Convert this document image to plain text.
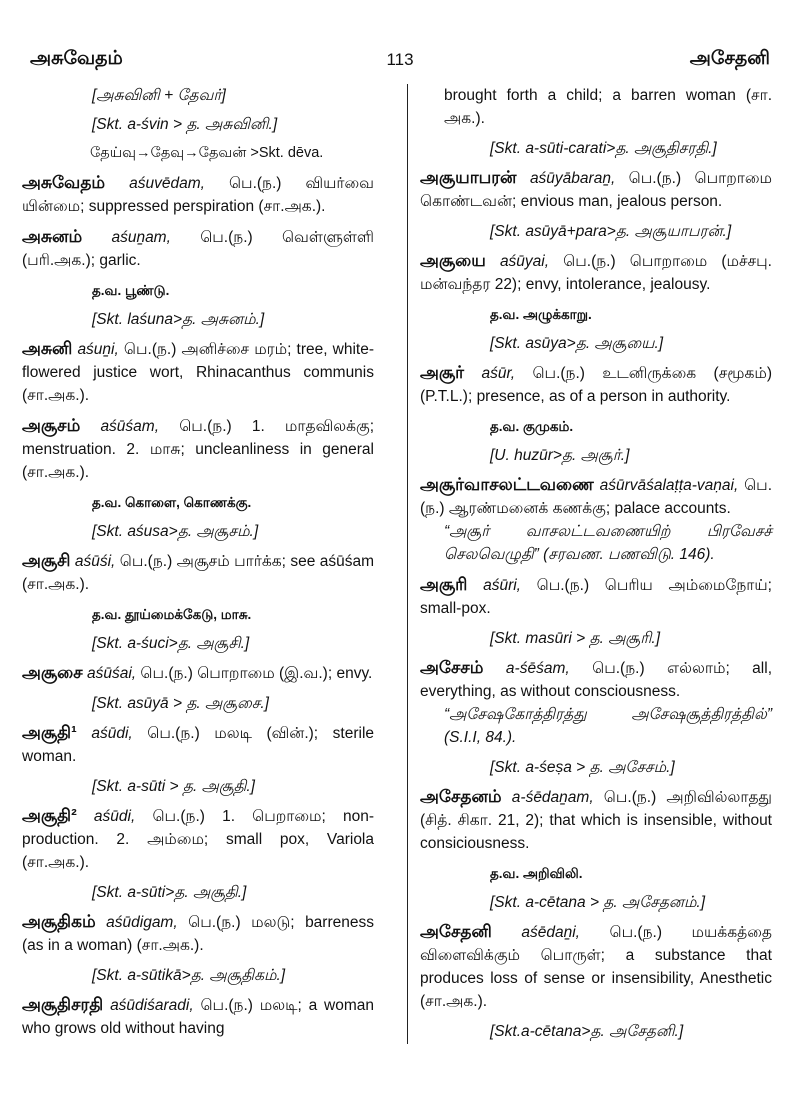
அசுவேதம்	113	அசேதனி
[அசுவினி + தேவர்]
[Skt. a-śvin > த. அசுவினி.]
தேய்வு→தேவு→தேவன் >Skt. dēva.
அசுவேதம் aśuvēdam, பெ.(ந.) வியர்வை யின்மை; suppressed perspiration (சா.அக.).
அசுனம் aśuṉam, பெ.(ந.) வெள்ளுள்ளி (பரி.அக.); garlic.
த.வ. பூண்டு.
[Skt. laśuna>த. அசுனம்.]
அசுனி aśuṉi, பெ.(ந.) அனிச்சை மரம்; tree, white-flowered justice wort, Rhinacanthus communis (சா.அக.).
அசூசம் aśūśam, பெ.(ந.) 1. மாதவிலக்கு; menstruation. 2. மாசு; uncleanliness in general (சா.அக.).
த.வ. கொளை, கொணக்கு.
[Skt. aśusa>த. அசூசம்.]
அசூசி aśūśi, பெ.(ந.) அசூசம் பார்க்க; see aśūśam (சா.அக.).
த.வ. தூய்மைக்கேடு, மாசு.
[Skt. a-śuci>த. அசூசி.]
அசூசை aśūśai, பெ.(ந.) பொறாமை (இ.வ.); envy.
[Skt. asūyā > த. அசூசை.]
அசூதி¹ aśūdi, பெ.(ந.) மலடி (வின்.); sterile woman.
[Skt. a-sūti > த. அசூதி.]
அசூதி² aśūdi, பெ.(ந.) 1. பெறாமை; non-production. 2. அம்மை; small pox, Variola (சா.அக.).
[Skt. a-sūti>த. அசூதி.]
அசூதிகம் aśūdigam, பெ.(ந.) மலடு; barreness (as in a woman) (சா.அக.).
[Skt. a-sūtikā>த. அசூதிகம்.]
அசூதிசரதி aśūdiśaradi, பெ.(ந.) மலடி; a woman who grows old without having
brought forth a child; a barren woman (சா. அக.).
[Skt. a-sūti-carati>த. அசூதிசரதி.]
அசூயாபரன் aśūyābaraṉ, பெ.(ந.) பொறாமை கொண்டவன்; envious man, jealous person.
[Skt. asūyā+para>த. அசூயாபரன்.]
அசூயை aśūyai, பெ.(ந.) பொறாமை (மச்சபு. மன்வந்தர 22); envy, intolerance, jealousy.
த.வ. அழுக்காறு.
[Skt. asūya>த. அசூயை.]
அசூர் aśūr, பெ.(ந.) உடனிருக்கை (சமூகம்) (P.T.L.); presence, as of a person in authority.
த.வ. குமுகம்.
[U. huzūr>த. அசூர்.]
அசூர்வாசலட்டவணை aśūrvāśalaṭṭa-vaṇai, பெ.(ந.) ஆரண்மனைக் கணக்கு; palace accounts.
“அசூர் வாசலட்டவணையிற் பிரவேசச் செலவெழுதி” (சரவண. பணவிடு. 146).
அசூரி aśūri, பெ.(ந.) பெரிய அம்மைநோய்; small-pox.
[Skt. masūri > த. அசூரி.]
அசேசம் a-śēśam, பெ.(ந.) எல்லாம்; all, everything, as without consciousness.
“அசேஷகோத்திரத்து அசேஷசூத்திரத்தில்” (S.I.I, 84.).
[Skt. a-śeṣa > த. அசேசம்.]
அசேதனம் a-śēdaṉam, பெ.(ந.) அறிவில்லாதது (சித். சிகா. 21, 2); that which is insensible, without consiciousness.
த.வ. அறிவிலி.
[Skt. a-cētana > த. அசேதனம்.]
அசேதனி aśēdaṉi, பெ.(ந.) மயக்கத்தை விளைவிக்கும் பொருள்; a substance that produces loss of sense or insensibility, Anesthetic (சா.அக.).
[Skt.a-cētana>த. அசேதனி.]
